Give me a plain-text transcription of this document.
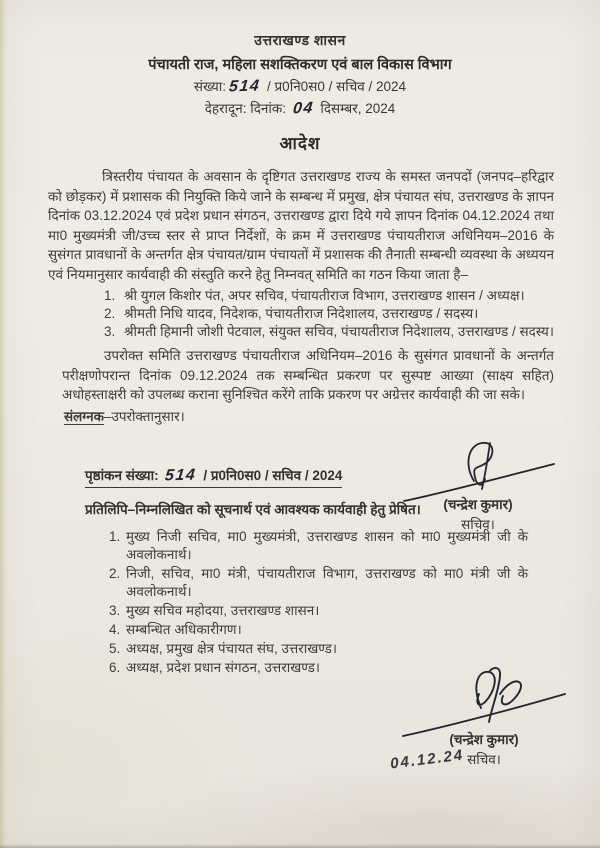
उत्तराखण्ड शासन
पंचायती राज, महिला सशक्तिकरण एवं बाल विकास विभाग
संख्या: 514 / प्र0नि0स0 / सचिव / 2024
देहरादून: दिनांक: 04 दिसम्बर, 2024
आदेश

त्रिस्तरीय पंचायत के अवसान के दृष्टिगत उत्तराखण्ड राज्य के समस्त जनपदों (जनपद–हरिद्वार को छोड़कर) में प्रशासक की नियुक्ति किये जाने के सम्बन्ध में प्रमुख, क्षेत्र पंचायत संघ, उत्तराखण्ड के ज्ञापन दिनांक 03.12.2024 एवं प्रदेश प्रधान संगठन, उत्तराखण्ड द्वारा दिये गये ज्ञापन दिनांक 04.12.2024 तथा मा0 मुख्यमंत्री जी/उच्च स्तर से प्राप्त निर्देशों, के क्रम में उत्तराखण्ड पंचायतीराज अधिनियम–2016 के सुसंगत प्रावधानों के अन्तर्गत क्षेत्र पंचायत/ग्राम पंचायतों में प्रशासक की तैनाती सम्बन्धी व्यवस्था के अध्ययन एवं नियमानुसार कार्यवाही की संस्तुति करने हेतु निम्नवत् समिति का गठन किया जाता है–

1. श्री युगल किशोर पंत, अपर सचिव, पंचायतीराज विभाग, उत्तराखण्ड शासन / अध्यक्ष।
2. श्रीमती निधि यादव, निदेशक, पंचायतीराज निदेशालय, उत्तराखण्ड / सदस्य।
3. श्रीमती हिमानी जोशी पेटवाल, संयुक्त सचिव, पंचायतीराज निदेशालय, उत्तराखण्ड / सदस्य।

उपरोक्त समिति उत्तराखण्ड पंचायतीराज अधिनियम–2016 के सुसंगत प्रावधानों के अन्तर्गत परीक्षणोपरान्त दिनांक 09.12.2024 तक सम्बन्धित प्रकरण पर सुस्पष्ट आख्या (साक्ष्य सहित) अधोहस्ताक्षरी को उपलब्ध कराना सुनिश्चित करेंगे ताकि प्रकरण पर अग्रेत्तर कार्यवाही की जा सके।

संलग्नक–उपरोक्तानुसार।

(चन्द्रेश कुमार)
सचिव।
पृष्ठांकन संख्या: 514 / प्र0नि0स0 / सचिव / 2024

प्रतिलिपि–निम्नलिखित को सूचनार्थ एवं आवश्यक कार्यवाही हेतु प्रेषित।

1. मुख्य निजी सचिव, मा0 मुख्यमंत्री, उत्तराखण्ड शासन को मा0 मुख्यमंत्री जी के अवलोकनार्थ।
2. निजी, सचिव, मा0 मंत्री, पंचायतीराज विभाग, उत्तराखण्ड को मा0 मंत्री जी के अवलोकनार्थ।
3. मुख्य सचिव महोदया, उत्तराखण्ड शासन।
4. सम्बन्धित अधिकारीगण।
5. अध्यक्ष, प्रमुख क्षेत्र पंचायत संघ, उत्तराखण्ड।
6. अध्यक्ष, प्रदेश प्रधान संगठन, उत्तराखण्ड।
(चन्द्रेश कुमार)
04.12.24 सचिव।
